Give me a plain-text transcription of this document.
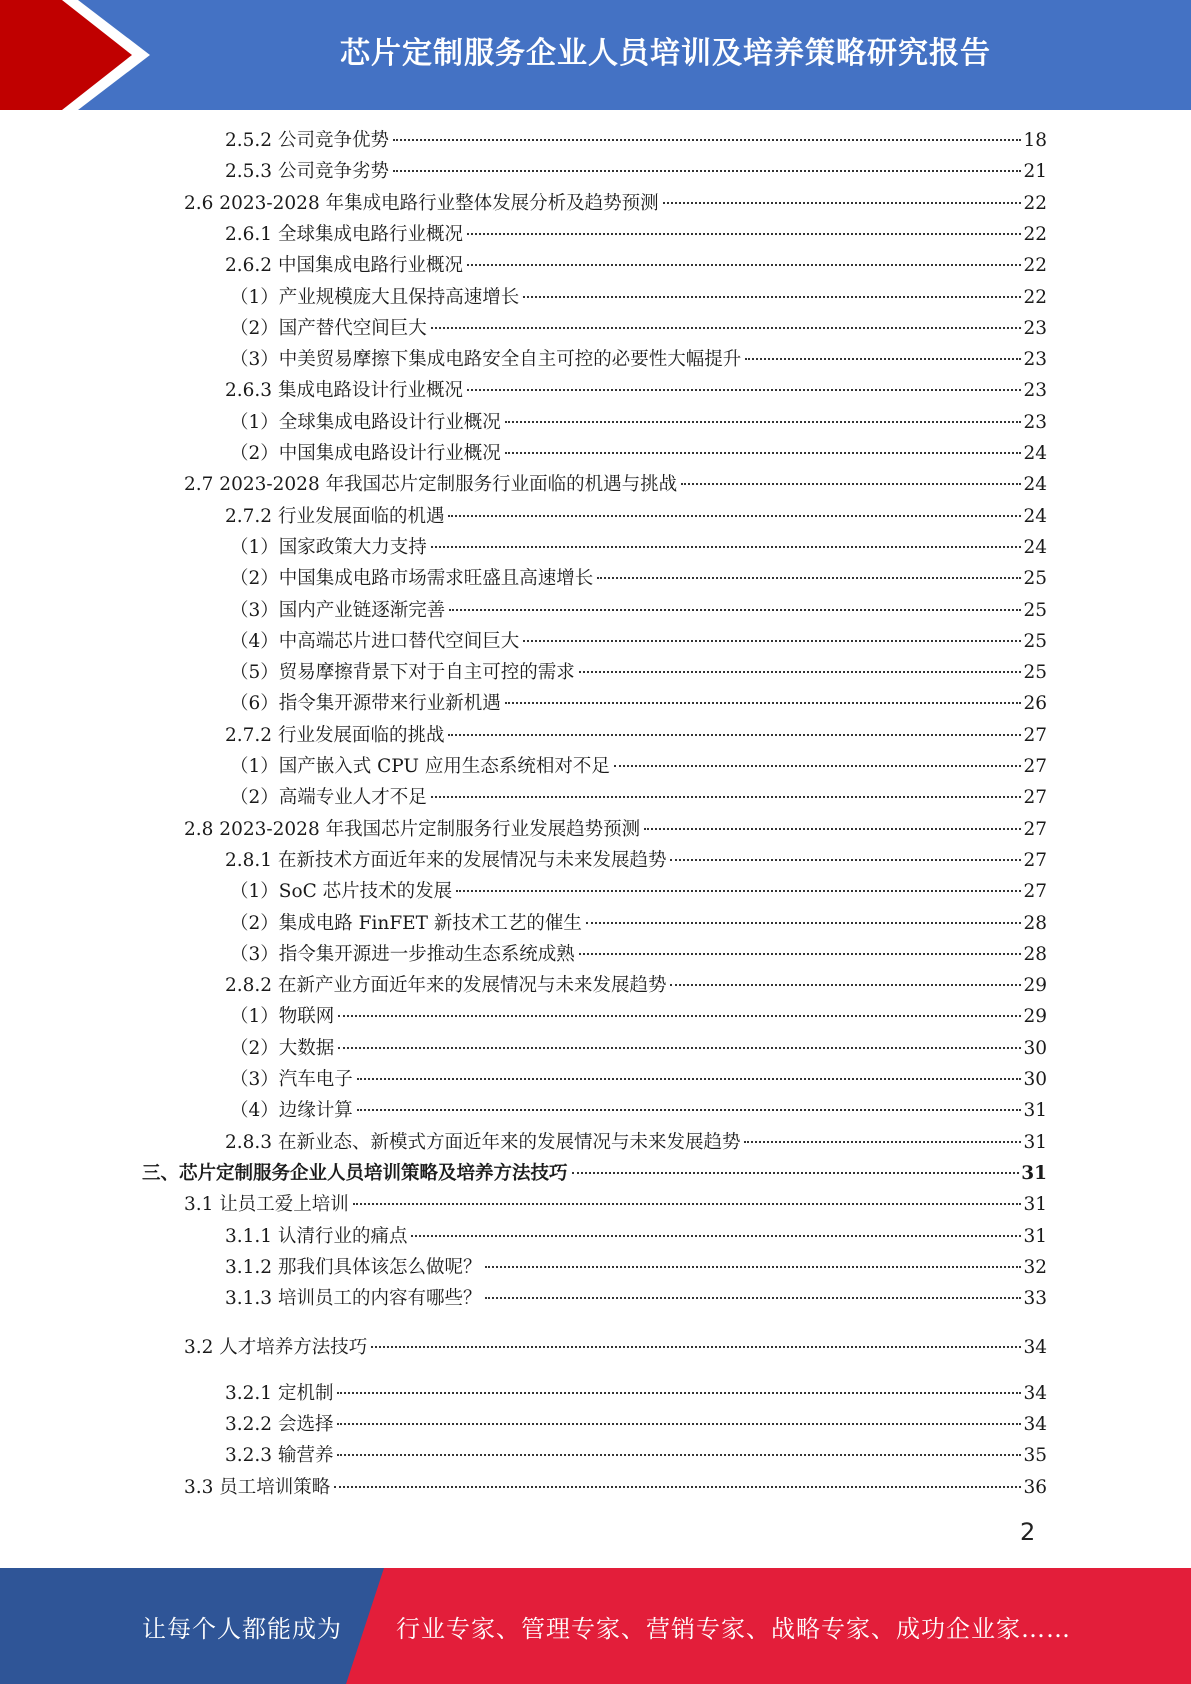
芯片定制服务企业人员培训及培养策略研究报告
2.5.2 公司竞争优势	18
2.5.3 公司竞争劣势	21
2.6 2023-2028 年集成电路行业整体发展分析及趋势预测	22
2.6.1 全球集成电路行业概况	22
2.6.2 中国集成电路行业概况	22
（1）产业规模庞大且保持高速增长	22
（2）国产替代空间巨大	23
（3）中美贸易摩擦下集成电路安全自主可控的必要性大幅提升	23
2.6.3 集成电路设计行业概况	23
（1）全球集成电路设计行业概况	23
（2）中国集成电路设计行业概况	24
2.7 2023-2028 年我国芯片定制服务行业面临的机遇与挑战	24
2.7.2 行业发展面临的机遇	24
（1）国家政策大力支持	24
（2）中国集成电路市场需求旺盛且高速增长	25
（3）国内产业链逐渐完善	25
（4）中高端芯片进口替代空间巨大	25
（5）贸易摩擦背景下对于自主可控的需求	25
（6）指令集开源带来行业新机遇	26
2.7.2 行业发展面临的挑战	27
（1）国产嵌入式 CPU 应用生态系统相对不足	27
（2）高端专业人才不足	27
2.8 2023-2028 年我国芯片定制服务行业发展趋势预测	27
2.8.1 在新技术方面近年来的发展情况与未来发展趋势	27
（1）SoC 芯片技术的发展	27
（2）集成电路 FinFET 新技术工艺的催生	28
（3）指令集开源进一步推动生态系统成熟	28
2.8.2 在新产业方面近年来的发展情况与未来发展趋势	29
（1）物联网	29
（2）大数据	30
（3）汽车电子	30
（4）边缘计算	31
2.8.3 在新业态、新模式方面近年来的发展情况与未来发展趋势	31
三、芯片定制服务企业人员培训策略及培养方法技巧	31
3.1 让员工爱上培训	31
3.1.1 认清行业的痛点	31
3.1.2 那我们具体该怎么做呢？	32
3.1.3 培训员工的内容有哪些？	33
3.2 人才培养方法技巧	34
3.2.1 定机制	34
3.2.2 会选择	34
3.2.3 输营养	35
3.3 员工培训策略	36
2
让每个人都能成为 行业专家、管理专家、营销专家、战略专家、成功企业家……
